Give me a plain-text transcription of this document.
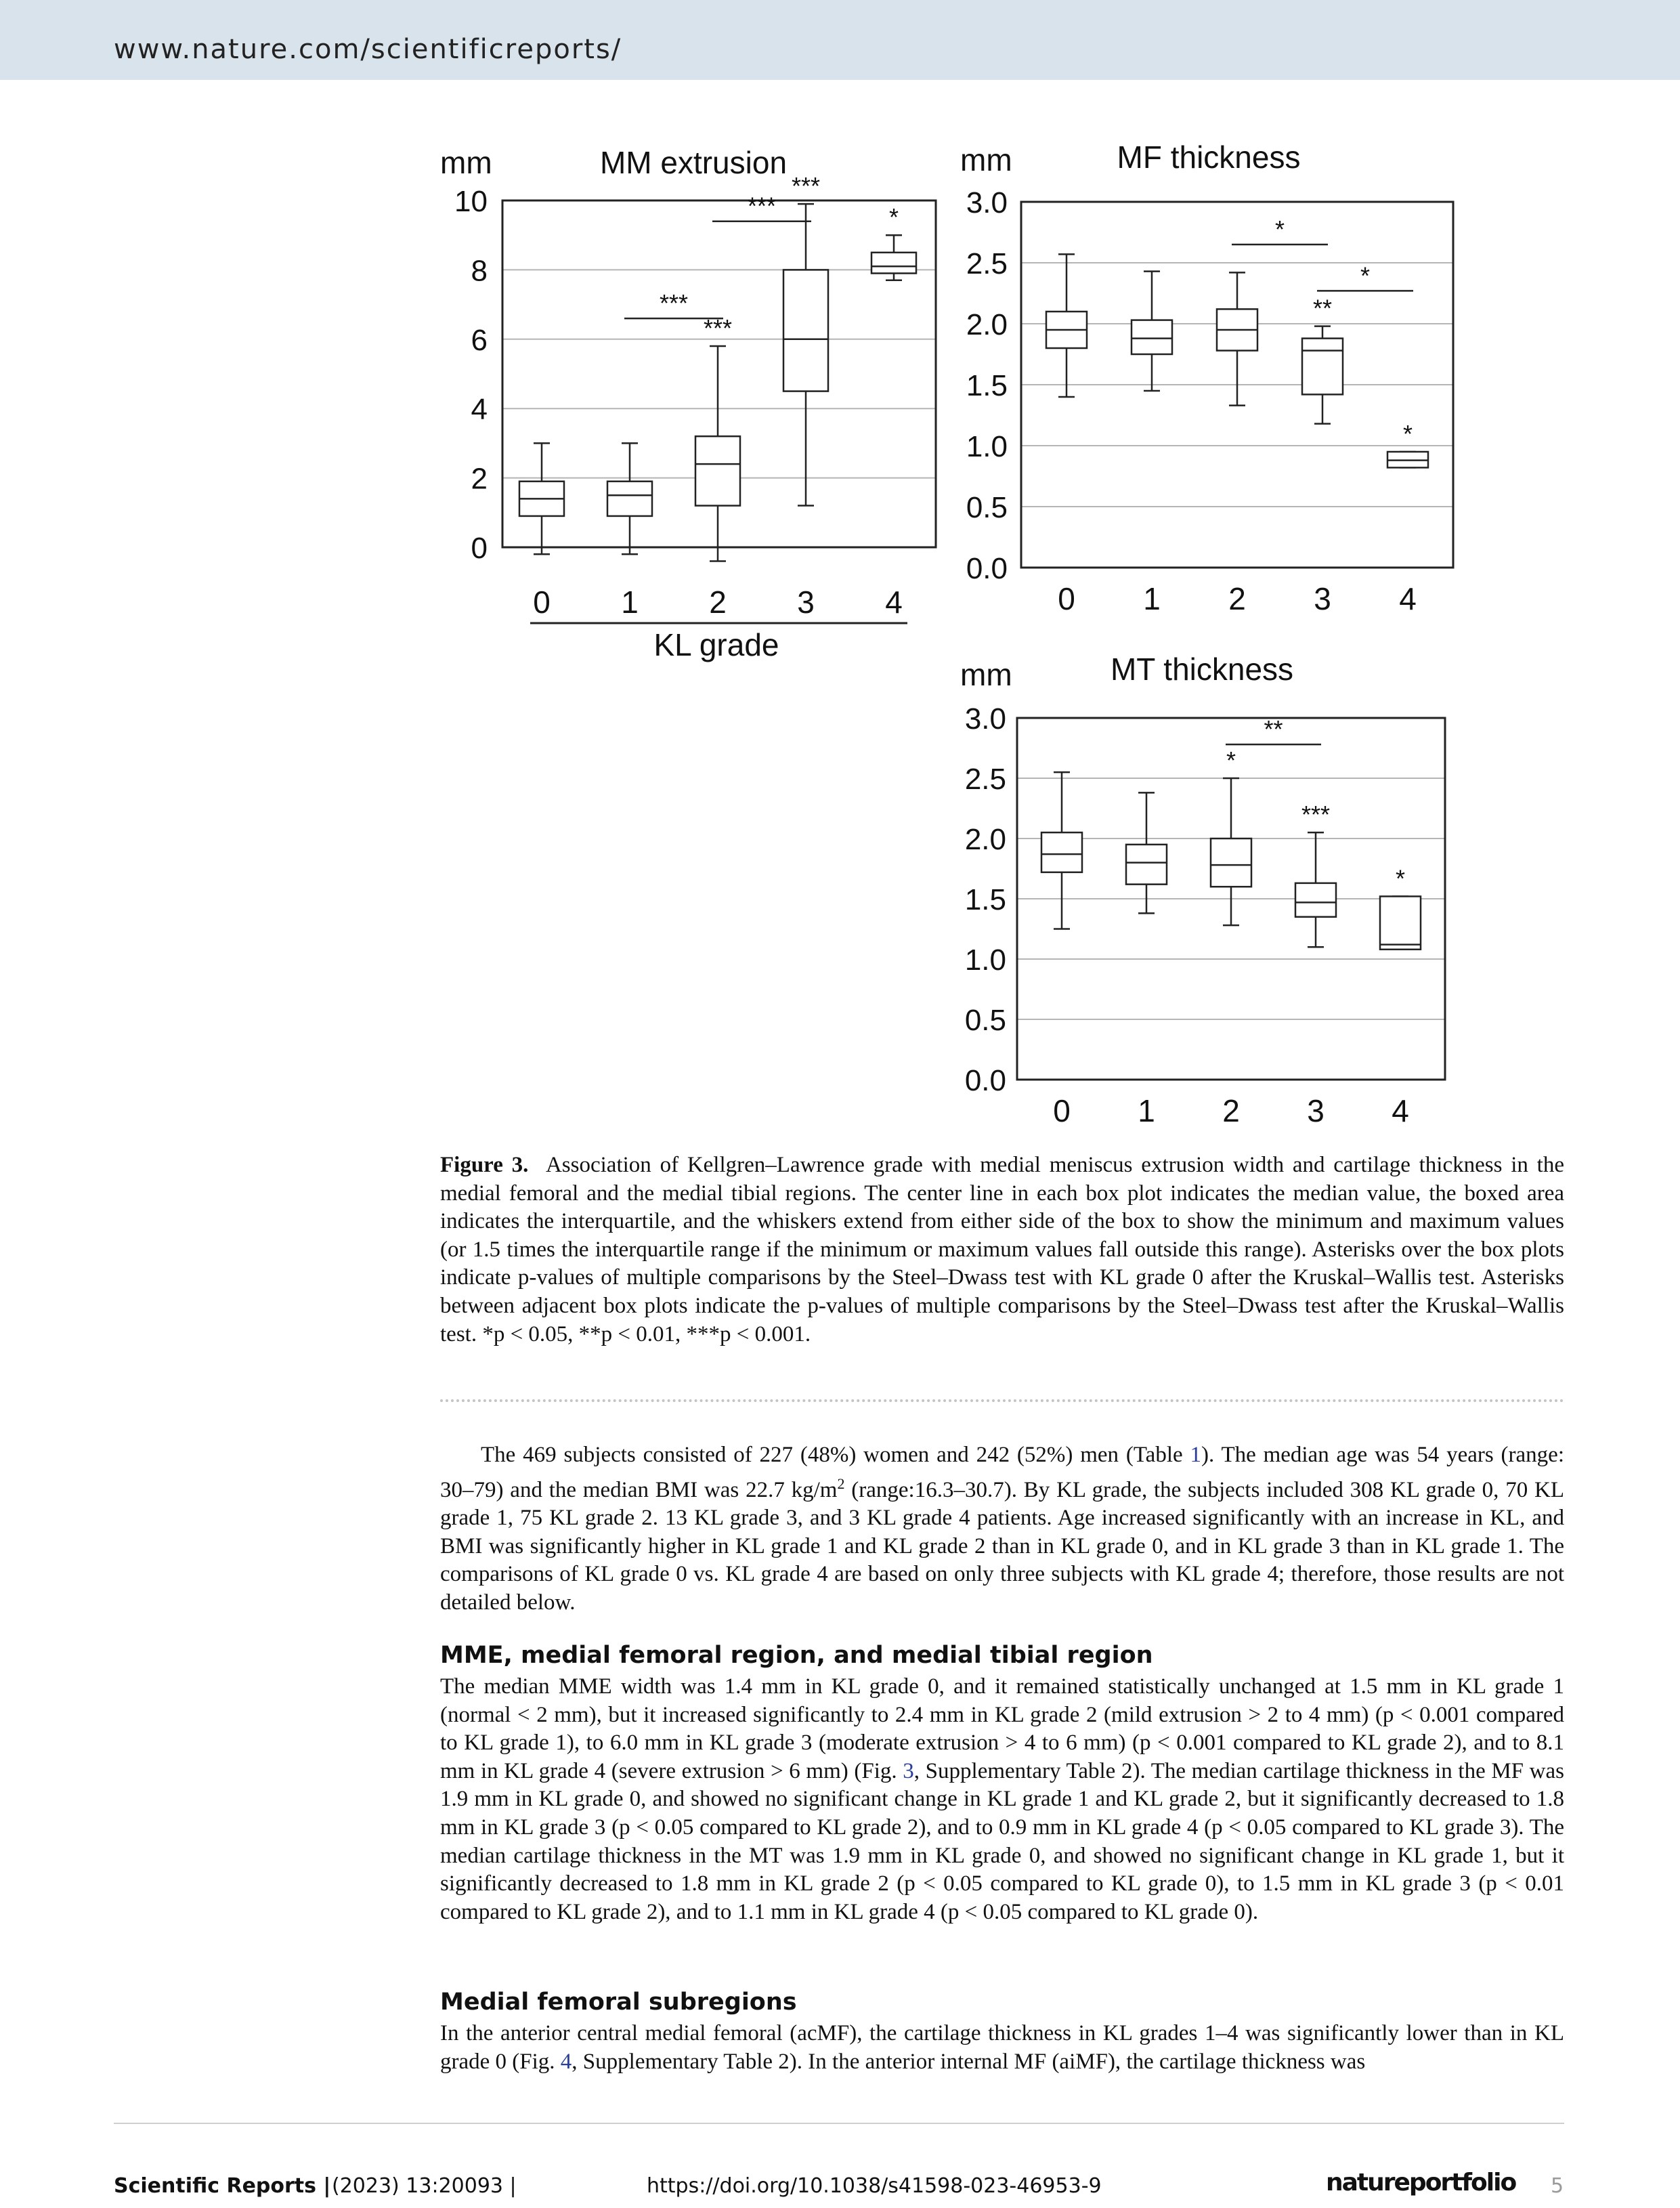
www.nature.com/scientificreports/
mm	MM extrusion
KL grade
mm	MF thickness
mm	MT thickness
0
2
4
6
8
10
0 1 2 3 4
***
***
*
***
***
0.0
0.5
1.0
1.5
2.0
2.5
3.0
0 1 2 3 4
**
*
*
*
0.0
0.5
1.0
1.5
2.0
2.5
3.0
0 1 2 3 4
*
***
*
**
Figure 3. Association of Kellgren–Lawrence grade with medial meniscus extrusion width and cartilage thickness in the medial femoral and the medial tibial regions. The center line in each box plot indicates the median value, the boxed area indicates the interquartile, and the whiskers extend from either side of the box to show the minimum and maximum values (or 1.5 times the interquartile range if the minimum or maximum values fall outside this range). Asterisks over the box plots indicate p-values of multiple comparisons by the Steel–Dwass test with KL grade 0 after the Kruskal–Wallis test. Asterisks between adjacent box plots indicate the p-values of multiple comparisons by the Steel–Dwass test after the Kruskal–Wallis test. *p < 0.05, **p < 0.01, ***p < 0.001.
The 469 subjects consisted of 227 (48%) women and 242 (52%) men (Table 1). The median age was 54 years (range: 30–79) and the median BMI was 22.7 $kg/m^2$ (range:16.3–30.7). By KL grade, the subjects included 308 KL grade 0, 70 KL grade 1, 75 KL grade 2. 13 KL grade 3, and 3 KL grade 4 patients. Age increased significantly with an increase in KL, and BMI was significantly higher in KL grade 1 and KL grade 2 than in KL grade 0, and in KL grade 3 than in KL grade 1. The comparisons of KL grade 0 vs. KL grade 4 are based on only three subjects with KL grade 4; therefore, those results are not detailed below.
MME, medial femoral region, and medial tibial region
The median MME width was 1.4 mm in KL grade 0, and it remained statistically unchanged at 1.5 mm in KL grade 1 (normal < 2 mm), but it increased significantly to 2.4 mm in KL grade 2 (mild extrusion > 2 to 4 mm) (p < 0.001 compared to KL grade 1), to 6.0 mm in KL grade 3 (moderate extrusion > 4 to 6 mm) (p < 0.001 compared to KL grade 2), and to 8.1 mm in KL grade 4 (severe extrusion > 6 mm) (Fig. 3, Supplementary Table 2). The median cartilage thickness in the MF was 1.9 mm in KL grade 0, and showed no significant change in KL grade 1 and KL grade 2, but it significantly decreased to 1.8 mm in KL grade 3 (p < 0.05 compared to KL grade 2), and to 0.9 mm in KL grade 4 (p < 0.05 compared to KL grade 3). The median cartilage thickness in the MT was 1.9 mm in KL grade 0, and showed no significant change in KL grade 1, but it significantly decreased to 1.8 mm in KL grade 2 (p < 0.05 compared to KL grade 0), to 1.5 mm in KL grade 3 (p < 0.01 compared to KL grade 2), and to 1.1 mm in KL grade 4 (p < 0.05 compared to KL grade 0).
Medial femoral subregions
In the anterior central medial femoral (acMF), the cartilage thickness in KL grades 1–4 was significantly lower than in KL grade 0 (Fig. 4, Supplementary Table 2). In the anterior internal MF (aiMF), the cartilage thickness was
Scientific Reports | (2023) 13:20093 |	https://doi.org/10.1038/s41598-023-46953-9	natureportfolio 5
